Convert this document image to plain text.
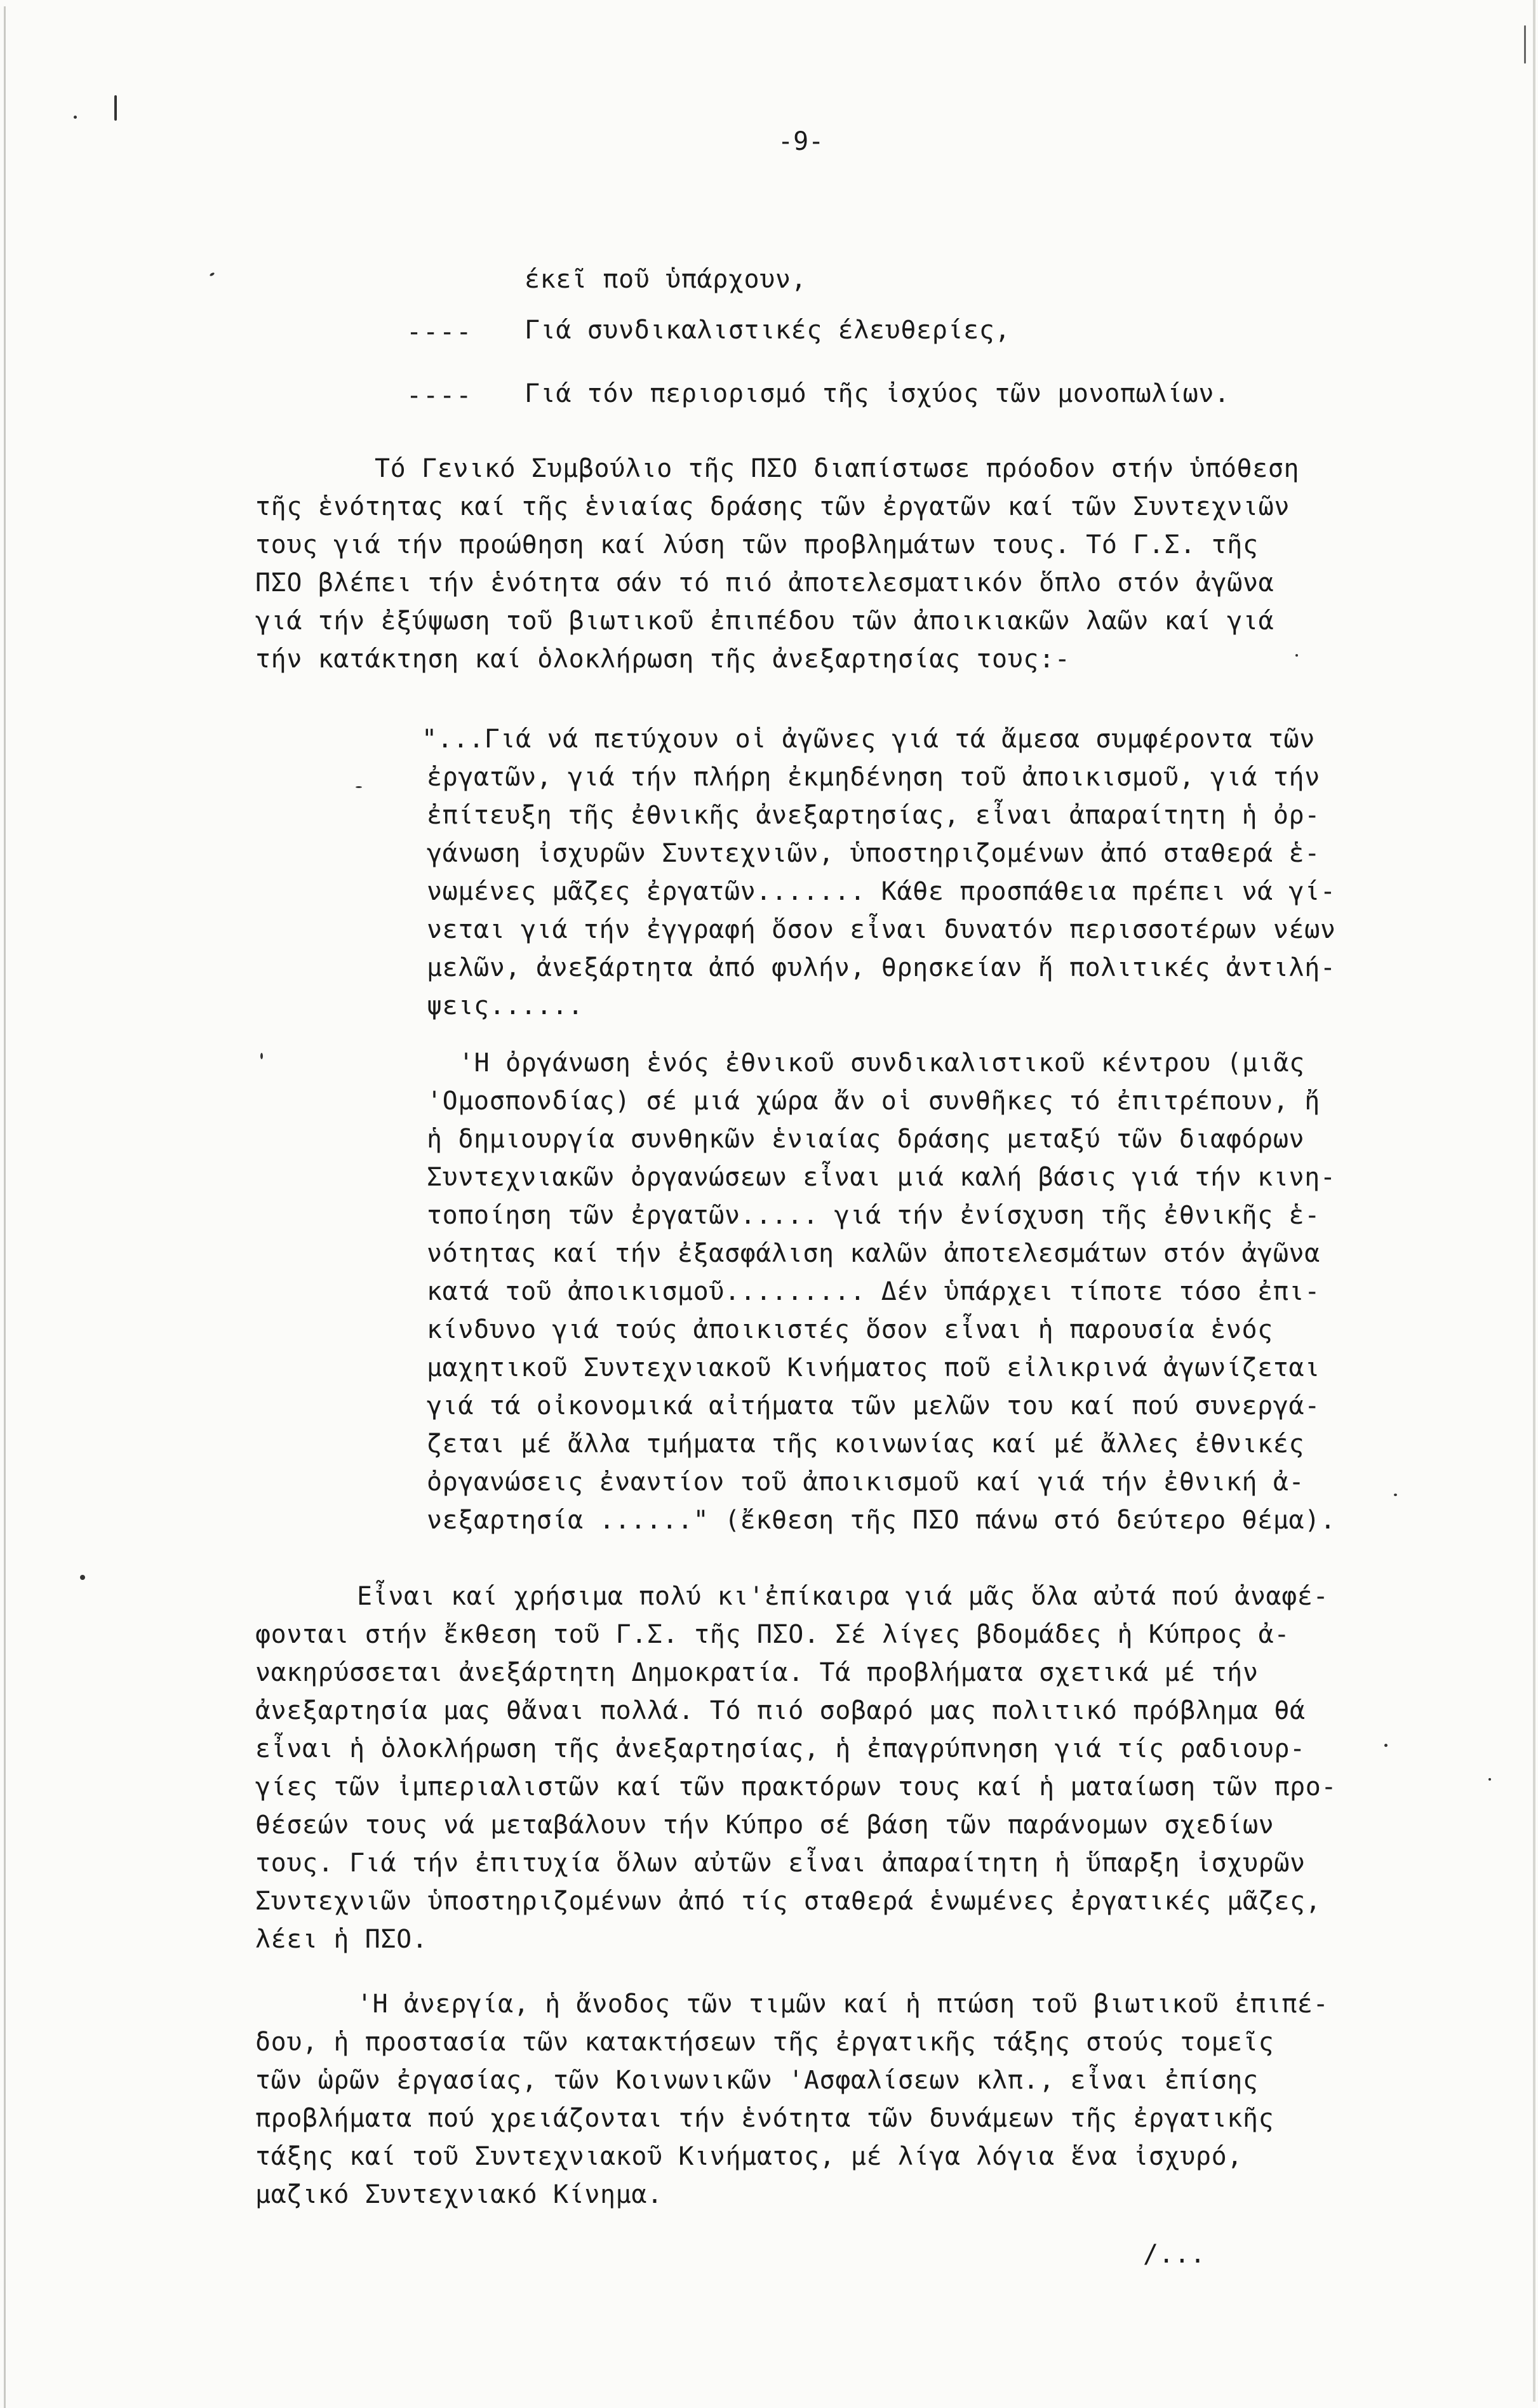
-9-
έκεῖ ποῦ ὑπάρχουν,
---- Γιά συνδικαλιστικές έλευθερίες,
---- Γιά τόν περιορισμό τῆς ἰσχύος τῶν μονοπωλίων.
Τό Γενικό Συμβούλιο τῆς ΠΣΟ διαπίστωσε πρόοδον στήν ὑπόθεση
τῆς ἑνότητας καί τῆς ἑνιαίας δράσης τῶν ἐργατῶν καί τῶν Συντεχνιῶν
τους γιά τήν προώθηση καί λύση τῶν προβλημάτων τους. Τό Γ.Σ. τῆς
ΠΣΟ βλέπει τήν ἑνότητα σάν τό πιό ἀποτελεσματικόν ὅπλο στόν ἀγῶνα
γιά τήν ἐξύψωση τοῦ βιωτικοῦ ἐπιπέδου τῶν ἀποικιακῶν λαῶν καί γιά
τήν κατάκτηση καί ὁλοκλήρωση τῆς ἀνεξαρτησίας τους:-
"...Γιά νά πετύχουν οἱ ἀγῶνες γιά τά ἄμεσα συμφέροντα τῶν
ἐργατῶν, γιά τήν πλήρη ἐκμηδένηση τοῦ ἀποικισμοῦ, γιά τήν
ἐπίτευξη τῆς ἐθνικῆς ἀνεξαρτησίας, εἶναι ἀπαραίτητη ἡ ὀρ-
γάνωση ἰσχυρῶν Συντεχνιῶν, ὑποστηριζομένων ἀπό σταθερά ἑ-
νωμένες μᾶζες ἐργατῶν....... Κάθε προσπάθεια πρέπει νά γί-
νεται γιά τήν ἐγγραφή ὅσον εἶναι δυνατόν περισσοτέρων νέων
μελῶν, ἀνεξάρτητα ἀπό φυλήν, θρησκείαν ἤ πολιτικές ἀντιλή-
ψεις......
'Η ὀργάνωση ἑνός ἐθνικοῦ συνδικαλιστικοῦ κέντρου (μιᾶς
'Ομοσπονδίας) σέ μιά χώρα ἄν οἱ συνθῆκες τό ἐπιτρέπουν, ἤ
ἡ δημιουργία συνθηκῶν ἑνιαίας δράσης μεταξύ τῶν διαφόρων
Συντεχνιακῶν ὀργανώσεων εἶναι μιά καλή βάσις γιά τήν κινη-
τοποίηση τῶν ἐργατῶν..... γιά τήν ἐνίσχυση τῆς ἐθνικῆς ἑ-
νότητας καί τήν ἐξασφάλιση καλῶν ἀποτελεσμάτων στόν ἀγῶνα
κατά τοῦ ἀποικισμοῦ......... Δέν ὑπάρχει τίποτε τόσο ἐπι-
κίνδυνο γιά τούς ἀποικιστές ὅσον εἶναι ἡ παρουσία ἑνός
μαχητικοῦ Συντεχνιακοῦ Κινήματος ποῦ εἰλικρινά ἀγωνίζεται
γιά τά οἰκονομικά αἰτήματα τῶν μελῶν του καί πού συνεργά-
ζεται μέ ἄλλα τμήματα τῆς κοινωνίας καί μέ ἄλλες ἐθνικές
ὀργανώσεις ἐναντίον τοῦ ἀποικισμοῦ καί γιά τήν ἐθνική ἀ-
νεξαρτησία ......" (ἔκθεση τῆς ΠΣΟ πάνω στό δεύτερο θέμα).
Εἶναι καί χρήσιμα πολύ κι'ἐπίκαιρα γιά μᾶς ὅλα αὐτά πού ἀναφέ-
φονται στήν ἔκθεση τοῦ Γ.Σ. τῆς ΠΣΟ. Σέ λίγες βδομάδες ἡ Κύπρος ἀ-
νακηρύσσεται ἀνεξάρτητη Δημοκρατία. Τά προβλήματα σχετικά μέ τήν
ἀνεξαρτησία μας θἄναι πολλά. Τό πιό σοβαρό μας πολιτικό πρόβλημα θά
εἶναι ἡ ὁλοκλήρωση τῆς ἀνεξαρτησίας, ἡ ἐπαγρύπνηση γιά τίς ραδιουρ-
γίες τῶν ἰμπεριαλιστῶν καί τῶν πρακτόρων τους καί ἡ ματαίωση τῶν προ-
θέσεών τους νά μεταβάλουν τήν Κύπρο σέ βάση τῶν παράνομων σχεδίων
τους. Γιά τήν ἐπιτυχία ὅλων αὐτῶν εἶναι ἀπαραίτητη ἡ ὕπαρξη ἰσχυρῶν
Συντεχνιῶν ὑποστηριζομένων ἀπό τίς σταθερά ἑνωμένες ἐργατικές μᾶζες,
λέει ἡ ΠΣΟ.
'Η ἀνεργία, ἡ ἄνοδος τῶν τιμῶν καί ἡ πτώση τοῦ βιωτικοῦ ἐπιπέ-
δου, ἡ προστασία τῶν κατακτήσεων τῆς ἐργατικῆς τάξης στούς τομεῖς
τῶν ὡρῶν ἐργασίας, τῶν Κοινωνικῶν 'Ασφαλίσεων κλπ., εἶναι ἐπίσης
προβλήματα πού χρειάζονται τήν ἑνότητα τῶν δυνάμεων τῆς ἐργατικῆς
τάξης καί τοῦ Συντεχνιακοῦ Κινήματος, μέ λίγα λόγια ἕνα ἰσχυρό,
μαζικό Συντεχνιακό Κίνημα.
/...
